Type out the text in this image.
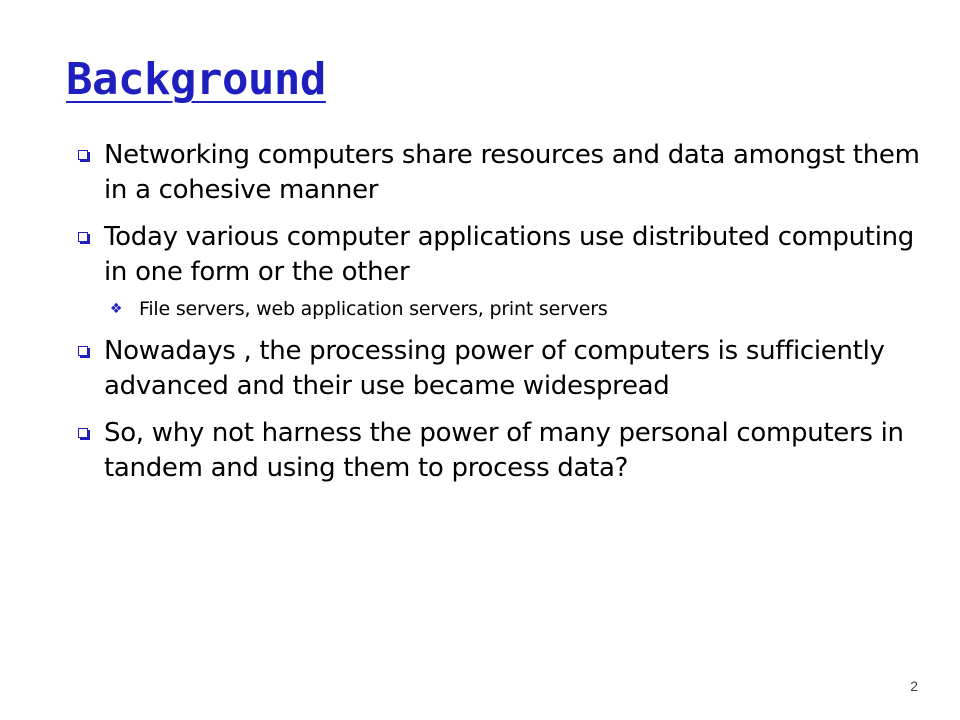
Background
Networking computers share resources and data amongst them in a cohesive manner
Today various computer applications use distributed computing in one form or the other
❖ File servers, web application servers, print servers
Nowadays , the processing power of computers is sufficiently advanced and their use became widespread
So, why not harness the power of many personal computers in tandem and using them to process data?
2
